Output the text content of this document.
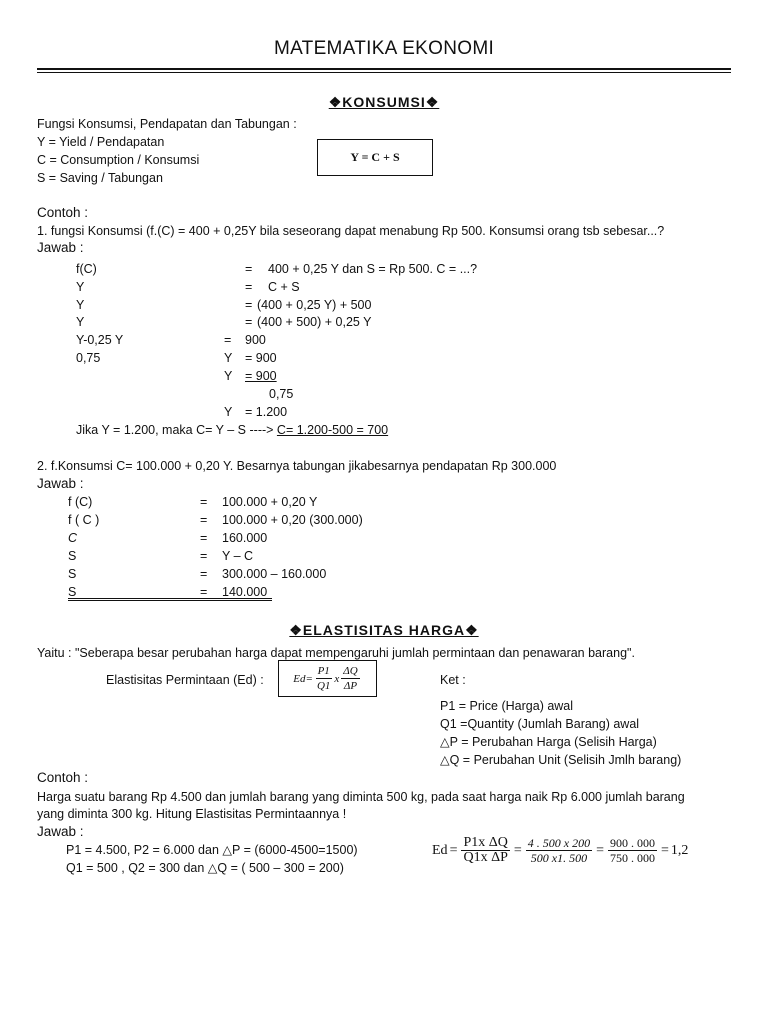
MATEMATIKA EKONOMI
❖KONSUMSI❖
Fungsi Konsumsi, Pendapatan dan Tabungan :
Y = Yield / Pendapatan
C = Consumption / Konsumsi
S = Saving / Tabungan
Y = C + S
Contoh :
1. fungsi Konsumsi (f.(C) = 400 + 0,25Y bila seseorang dapat menabung Rp 500. Konsumsi orang tsb sebesar...?
Jawab :
f(C)	= 400 + 0,25 Y dan S = Rp 500. C = ...?
Y	= C + S
Y	= (400 + 0,25 Y) + 500
Y	= (400 + 500) + 0,25 Y
Y-0,25 Y	= 900
0,75	Y = 900
Y = 900
0,75
Y = 1.200
Jika Y = 1.200, maka C= Y – S ----> C= 1.200-500 = 700
2. f.Konsumsi C= 100.000 + 0,20 Y. Besarnya tabungan jikabesarnya pendapatan Rp 300.000
Jawab :
f (C)	= 100.000 + 0,20 Y
f ( C )	= 100.000 + 0,20 (300.000)
C	= 160.000
S	= Y – C
S	= 300.000 – 160.000
S	= 140.000
❖ELASTISITAS HARGA❖
Yaitu : "Seberapa besar perubahan harga dapat mempengaruhi jumlah permintaan dan penawaran barang".
Elastisitas Permintaan (Ed) :	$Ed= \frac{P1}{Q1}$ x $\frac{\Delta Q}{\Delta P}$	Ket :
P1 = Price (Harga) awal
Q1 =Quantity (Jumlah Barang) awal
△P = Perubahan Harga (Selisih Harga)
△Q = Perubahan Unit (Selisih Jmlh barang)
Contoh :
Harga suatu barang Rp 4.500 dan jumlah barang yang diminta 500 kg, pada saat harga naik Rp 6.000 jumlah barang
yang diminta 300 kg. Hitung Elastisitas Permintaannya !
Jawab :
P1 = 4.500, P2 = 6.000 dan △P = (6000-4500=1500)
Q1 = 500 , Q2 = 300 dan △Q = ( 500 – 300 = 200)
$Ed = \frac{\text{P1x ΔQ}}{\text{Q1x ΔP}} = \frac{4 . 500 x 200}{500 x1. 500} = \frac{900 . 000}{750 . 000} = 1,2$
